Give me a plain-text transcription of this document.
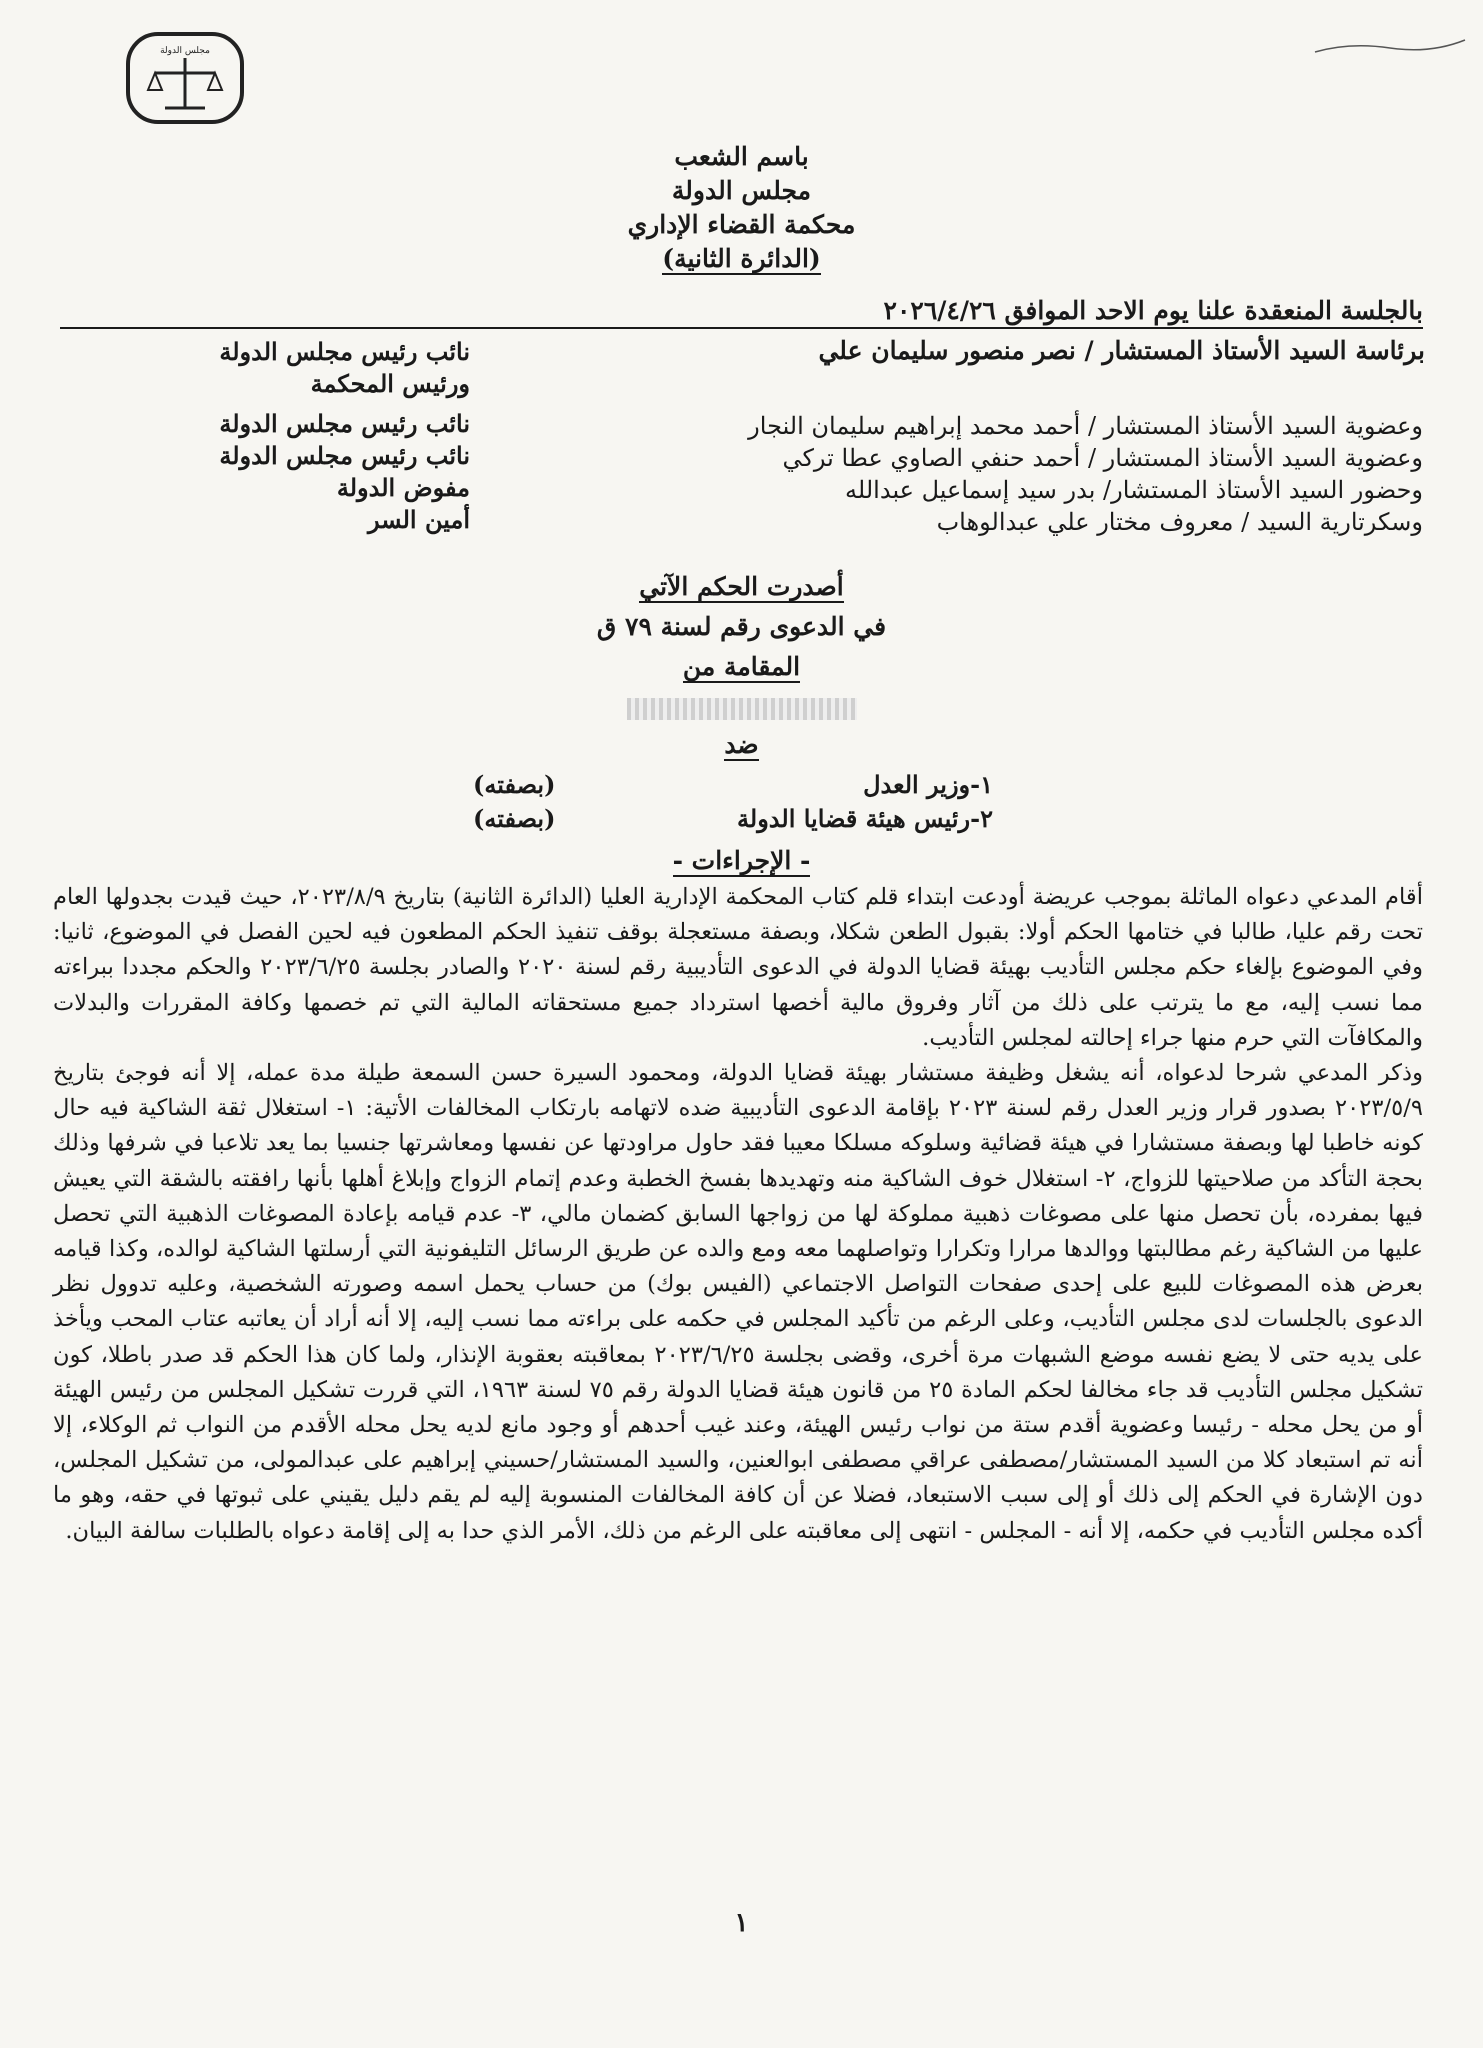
مجلس الدولة
باسم الشعب
مجلس الدولة
محكمة القضاء الإداري
(الدائرة الثانية)
بالجلسة المنعقدة علنا يوم الاحد الموافق ٢٠٢٦/٤/٢٦
برئاسة السيد الأستاذ المستشار / نصر منصور سليمان علي
نائب رئيس مجلس الدولة
ورئيس المحكمة
نائب رئيس مجلس الدولة
نائب رئيس مجلس الدولة
مفوض الدولة
أمين السر
وعضوية السيد الأستاذ المستشار / أحمد محمد إبراهيم سليمان النجار
وعضوية السيد الأستاذ المستشار / أحمد حنفي الصاوي عطا تركي
وحضور السيد الأستاذ المستشار/ بدر سيد إسماعيل عبدالله
وسكرتارية السيد / معروف مختار علي عبدالوهاب
أصدرت الحكم الآتي
في الدعوى رقم لسنة ٧٩ ق
المقامة من
ضد
١-وزير العدل
(بصفته)
٢-رئيس هيئة قضايا الدولة
(بصفته)
- الإجراءات -

أقام المدعي دعواه الماثلة بموجب عريضة أودعت ابتداء قلم كتاب المحكمة الإدارية العليا (الدائرة الثانية) بتاريخ ٢٠٢٣/٨/٩، حيث قيدت بجدولها العام تحت رقم عليا، طالبا في ختامها الحكم أولا: بقبول الطعن شكلا، وبصفة مستعجلة بوقف تنفيذ الحكم المطعون فيه لحين الفصل في الموضوع، ثانيا: وفي الموضوع بإلغاء حكم مجلس التأديب بهيئة قضايا الدولة في الدعوى التأديبية رقم لسنة ٢٠٢٠ والصادر بجلسة ٢٠٢٣/٦/٢٥ والحكم مجددا ببراءته مما نسب إليه، مع ما يترتب على ذلك من آثار وفروق مالية أخصها استرداد جميع مستحقاته المالية التي تم خصمها وكافة المقررات والبدلات والمكافآت التي حرم منها جراء إحالته لمجلس التأديب.

وذكر المدعي شرحا لدعواه، أنه يشغل وظيفة مستشار بهيئة قضايا الدولة، ومحمود السيرة حسن السمعة طيلة مدة عمله، إلا أنه فوجئ بتاريخ ٢٠٢٣/٥/٩ بصدور قرار وزير العدل رقم لسنة ٢٠٢٣ بإقامة الدعوى التأديبية ضده لاتهامه بارتكاب المخالفات الأتية: ١- استغلال ثقة الشاكية فيه حال كونه خاطبا لها وبصفة مستشارا في هيئة قضائية وسلوكه مسلكا معيبا فقد حاول مراودتها عن نفسها ومعاشرتها جنسيا بما يعد تلاعبا في شرفها وذلك بحجة التأكد من صلاحيتها للزواج، ٢- استغلال خوف الشاكية منه وتهديدها بفسخ الخطبة وعدم إتمام الزواج وإبلاغ أهلها بأنها رافقته بالشقة التي يعيش فيها بمفرده، بأن تحصل منها على مصوغات ذهبية مملوكة لها من زواجها السابق كضمان مالي، ٣- عدم قيامه بإعادة المصوغات الذهبية التي تحصل عليها من الشاكية رغم مطالبتها ووالدها مرارا وتكرارا وتواصلهما معه ومع والده عن طريق الرسائل التليفونية التي أرسلتها الشاكية لوالده، وكذا قيامه بعرض هذه المصوغات للبيع على إحدى صفحات التواصل الاجتماعي (الفيس بوك) من حساب يحمل اسمه وصورته الشخصية، وعليه تدوول نظر الدعوى بالجلسات لدى مجلس التأديب، وعلى الرغم من تأكيد المجلس في حكمه على براءته مما نسب إليه، إلا أنه أراد أن يعاتبه عتاب المحب ويأخذ على يديه حتى لا يضع نفسه موضع الشبهات مرة أخرى، وقضى بجلسة ٢٠٢٣/٦/٢٥ بمعاقبته بعقوبة الإنذار، ولما كان هذا الحكم قد صدر باطلا، كون تشكيل مجلس التأديب قد جاء مخالفا لحكم المادة ٢٥ من قانون هيئة قضايا الدولة رقم ٧٥ لسنة ١٩٦٣، التي قررت تشكيل المجلس من رئيس الهيئة أو من يحل محله - رئيسا وعضوية أقدم ستة من نواب رئيس الهيئة، وعند غيب أحدهم أو وجود مانع لديه يحل محله الأقدم من النواب ثم الوكلاء، إلا أنه تم استبعاد كلا من السيد المستشار/مصطفى عراقي مصطفى ابوالعنين، والسيد المستشار/حسيني إبراهيم على عبدالمولى، من تشكيل المجلس، دون الإشارة في الحكم إلى ذلك أو إلى سبب الاستبعاد، فضلا عن أن كافة المخالفات المنسوبة إليه لم يقم دليل يقيني على ثبوتها في حقه، وهو ما أكده مجلس التأديب في حكمه، إلا أنه - المجلس - انتهى إلى معاقبته على الرغم من ذلك، الأمر الذي حدا به إلى إقامة دعواه بالطلبات سالفة البيان.

١
